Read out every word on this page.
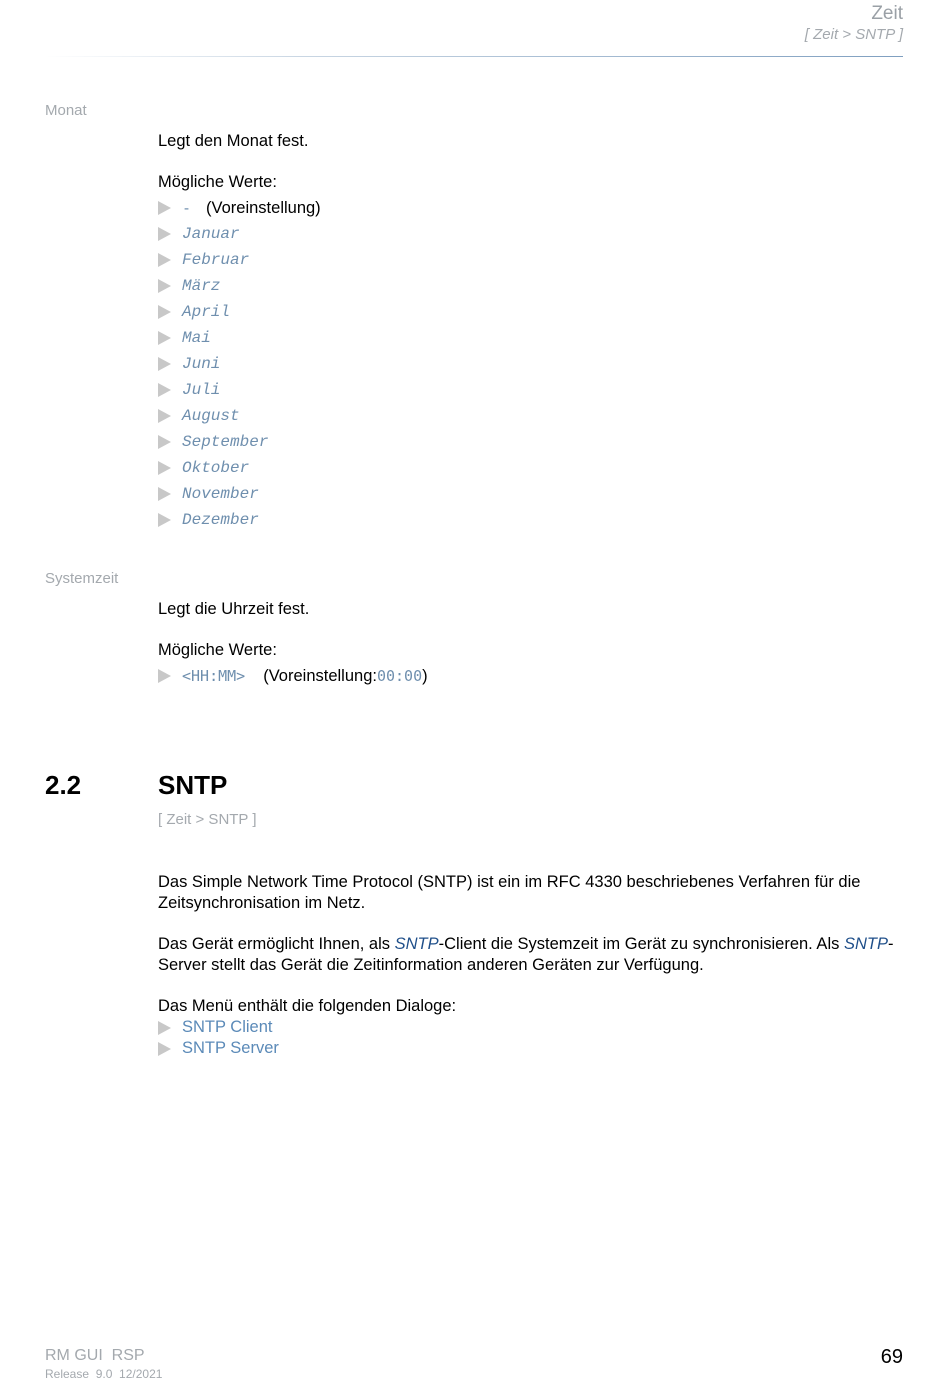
Zeit
[ Zeit > SNTP ]
Monat
Legt den Monat fest.
Mögliche Werte:
- (Voreinstellung)
Januar
Februar
März
April
Mai
Juni
Juli
August
September
Oktober
November
Dezember
Systemzeit
Legt die Uhrzeit fest.
Mögliche Werte:
<HH:MM> (Voreinstellung: 00:00 )
2.2	SNTP
[ Zeit > SNTP ]
Das Simple Network Time Protocol (SNTP) ist ein im RFC 4330 beschriebenes Verfahren für die Zeitsynchronisation im Netz.
Das Gerät ermöglicht Ihnen, als SNTP-Client die Systemzeit im Gerät zu synchronisieren. Als SNTP-Server stellt das Gerät die Zeitinformation anderen Geräten zur Verfügung.
Das Menü enthält die folgenden Dialoge:
SNTP Client
SNTP Server
RM GUI  RSP
Release  9.0  12/2021
69
